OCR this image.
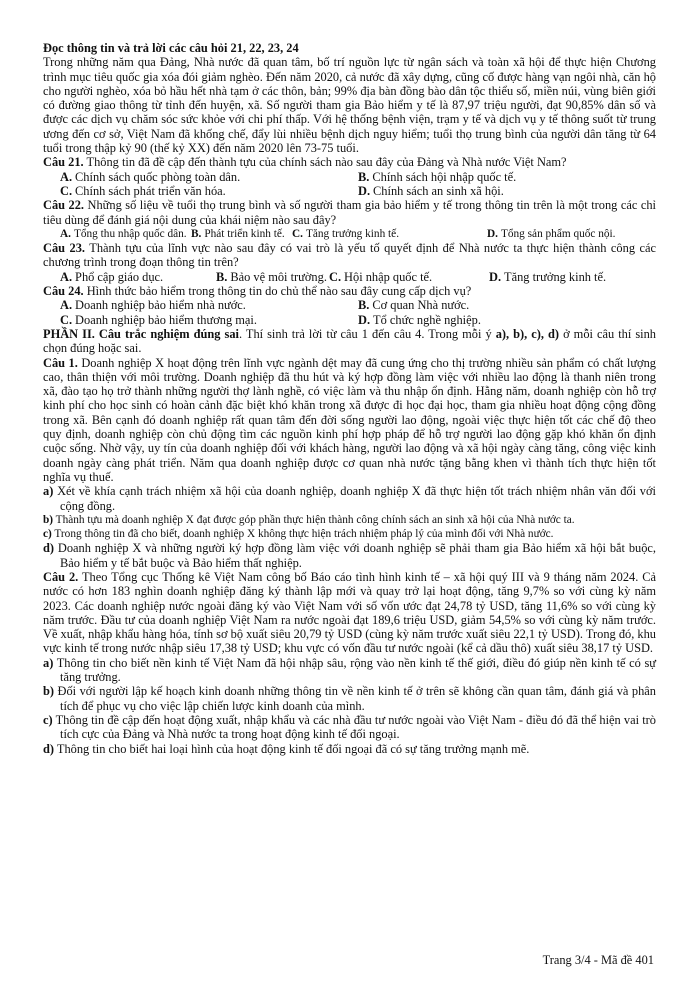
Đọc thông tin và trả lời các câu hỏi 21, 22, 23, 24

Trong những năm qua Đảng, Nhà nước đã quan tâm, bố trí nguồn lực từ ngân sách và toàn xã hội để thực hiện Chương trình mục tiêu quốc gia xóa đói giảm nghèo. Đến năm 2020, cả nước đã xây dựng, cũng cố được hàng vạn ngôi nhà, căn hộ cho người nghèo, xóa bỏ hầu hết nhà tạm ở các thôn, bản; 99% địa bàn đồng bào dân tộc thiểu số, miền núi, vùng biên giới có đường giao thông từ tỉnh đến huyện, xã. Số người tham gia Bảo hiểm y tế là 87,97 triệu người, đạt 90,85% dân số và được các dịch vụ chăm sóc sức khỏe với chi phí thấp. Với hệ thống bệnh viện, trạm y tế và dịch vụ y tế thông suốt từ trung ương đến cơ sở, Việt Nam đã khống chế, đẩy lùi nhiều bệnh dịch nguy hiểm; tuổi thọ trung bình của người dân tăng từ 64 tuổi trong thập kỷ 90 (thế kỷ XX) đến năm 2020 lên 73-75 tuổi.

Câu 21. Thông tin đã đề cập đến thành tựu của chính sách nào sau đây của Đảng và Nhà nước Việt Nam?

A. Chính sách quốc phòng toàn dân.	B. Chính sách hội nhập quốc tế.
C. Chính sách phát triển văn hóa.	D. Chính sách an sinh xã hội.

Câu 22. Những số liệu về tuổi thọ trung bình và số người tham gia bảo hiểm y tế trong thông tin trên là một trong các chỉ tiêu dùng để đánh giá nội dung của khái niệm nào sau đây?

A. Tổng thu nhập quốc dân. B. Phát triển kinh tế. C. Tăng trưởng kinh tế.	D. Tổng sản phẩm quốc nội.

Câu 23. Thành tựu của lĩnh vực nào sau đây có vai trò là yếu tố quyết định để Nhà nước ta thực hiện thành công các chương trình trong đoạn thông tin trên?

A. Phổ cập giáo dục.	B. Bảo vệ môi trường. C. Hội nhập quốc tế.	D. Tăng trưởng kinh tế.

Câu 24. Hình thức bảo hiểm trong thông tin do chủ thể nào sau đây cung cấp dịch vụ?

A. Doanh nghiệp bảo hiểm nhà nước.	B. Cơ quan Nhà nước.
C. Doanh nghiệp bảo hiểm thương mại.	D. Tổ chức nghề nghiệp.

PHẦN II. Câu trắc nghiệm đúng sai. Thí sinh trả lời từ câu 1 đến câu 4. Trong mỗi ý a), b), c), d) ở mỗi câu thí sinh chọn đúng hoặc sai.

Câu 1. Doanh nghiệp X hoạt động trên lĩnh vực ngành dệt may đã cung ứng cho thị trường nhiều sản phẩm có chất lượng cao, thân thiện với môi trường. Doanh nghiệp đã thu hút và ký hợp đồng làm việc với nhiều lao động là thanh niên trong xã, đào tạo họ trở thành những người thợ lành nghề, có việc làm và thu nhập ổn định. Hằng năm, doanh nghiệp còn hỗ trợ kinh phí cho học sinh có hoàn cảnh đặc biệt khó khăn trong xã được đi học đại học, tham gia nhiều hoạt động cộng đồng trong xã. Bên cạnh đó doanh nghiệp rất quan tâm đến đời sống người lao động, ngoài việc thực hiện tốt các chế độ theo quy định, doanh nghiệp còn chủ động tìm các nguồn kinh phí hợp pháp để hỗ trợ người lao động gặp khó khăn ổn định cuộc sống. Nhờ vậy, uy tín của doanh nghiệp đối với khách hàng, người lao động và xã hội ngày càng tăng, công việc kinh doanh ngày càng phát triển. Năm qua doanh nghiệp được cơ quan nhà nước tặng bằng khen vì thành tích thực hiện tốt nghĩa vụ thuế.

a) Xét về khía cạnh trách nhiệm xã hội của doanh nghiệp, doanh nghiệp X đã thực hiện tốt trách nhiệm nhân văn đối với cộng đồng.

b) Thành tựu mà doanh nghiệp X đạt được góp phần thực hiện thành công chính sách an sinh xã hội của Nhà nước ta.

c) Trong thông tin đã cho biết, doanh nghiệp X không thực hiện trách nhiệm pháp lý của mình đối với Nhà nước.

d) Doanh nghiệp X và những người ký hợp đồng làm việc với doanh nghiệp sẽ phải tham gia Bảo hiểm xã hội bắt buộc, Bảo hiểm y tế bắt buộc và Bảo hiểm thất nghiệp.

Câu 2. Theo Tổng cục Thống kê Việt Nam công bố Báo cáo tình hình kinh tế – xã hội quý III và 9 tháng năm 2024. Cả nước có hơn 183 nghìn doanh nghiệp đăng ký thành lập mới và quay trở lại hoạt động, tăng 9,7% so với cùng kỳ năm 2023. Các doanh nghiệp nước ngoài đăng ký vào Việt Nam với số vốn ước đạt 24,78 tỷ USD, tăng 11,6% so với cùng kỳ năm trước. Đầu tư của doanh nghiệp Việt Nam ra nước ngoài đạt 189,6 triệu USD, giảm 54,5% so với cùng kỳ năm trước. Về xuất, nhập khẩu hàng hóa, tính sơ bộ xuất siêu 20,79 tỷ USD (cùng kỳ năm trước xuất siêu 22,1 tỷ USD). Trong đó, khu vực kinh tế trong nước nhập siêu 17,38 tỷ USD; khu vực có vốn đầu tư nước ngoài (kể cả dầu thô) xuất siêu 38,17 tỷ USD.

a) Thông tin cho biết nền kinh tế Việt Nam đã hội nhập sâu, rộng vào nền kinh tế thế giới, điều đó giúp nền kinh tế có sự tăng trưởng.

b) Đối với người lập kế hoạch kinh doanh những thông tin về nền kinh tế ở trên sẽ không cần quan tâm, đánh giá và phân tích để phục vụ cho việc lập chiến lược kinh doanh của mình.

c) Thông tin đề cập đến hoạt động xuất, nhập khẩu và các nhà đầu tư nước ngoài vào Việt Nam - điều đó đã thể hiện vai trò tích cực của Đảng và Nhà nước ta trong hoạt động kinh tế đối ngoại.

d) Thông tin cho biết hai loại hình của hoạt động kinh tế đối ngoại đã có sự tăng trưởng mạnh mẽ.

Trang 3/4 - Mã đề 401
